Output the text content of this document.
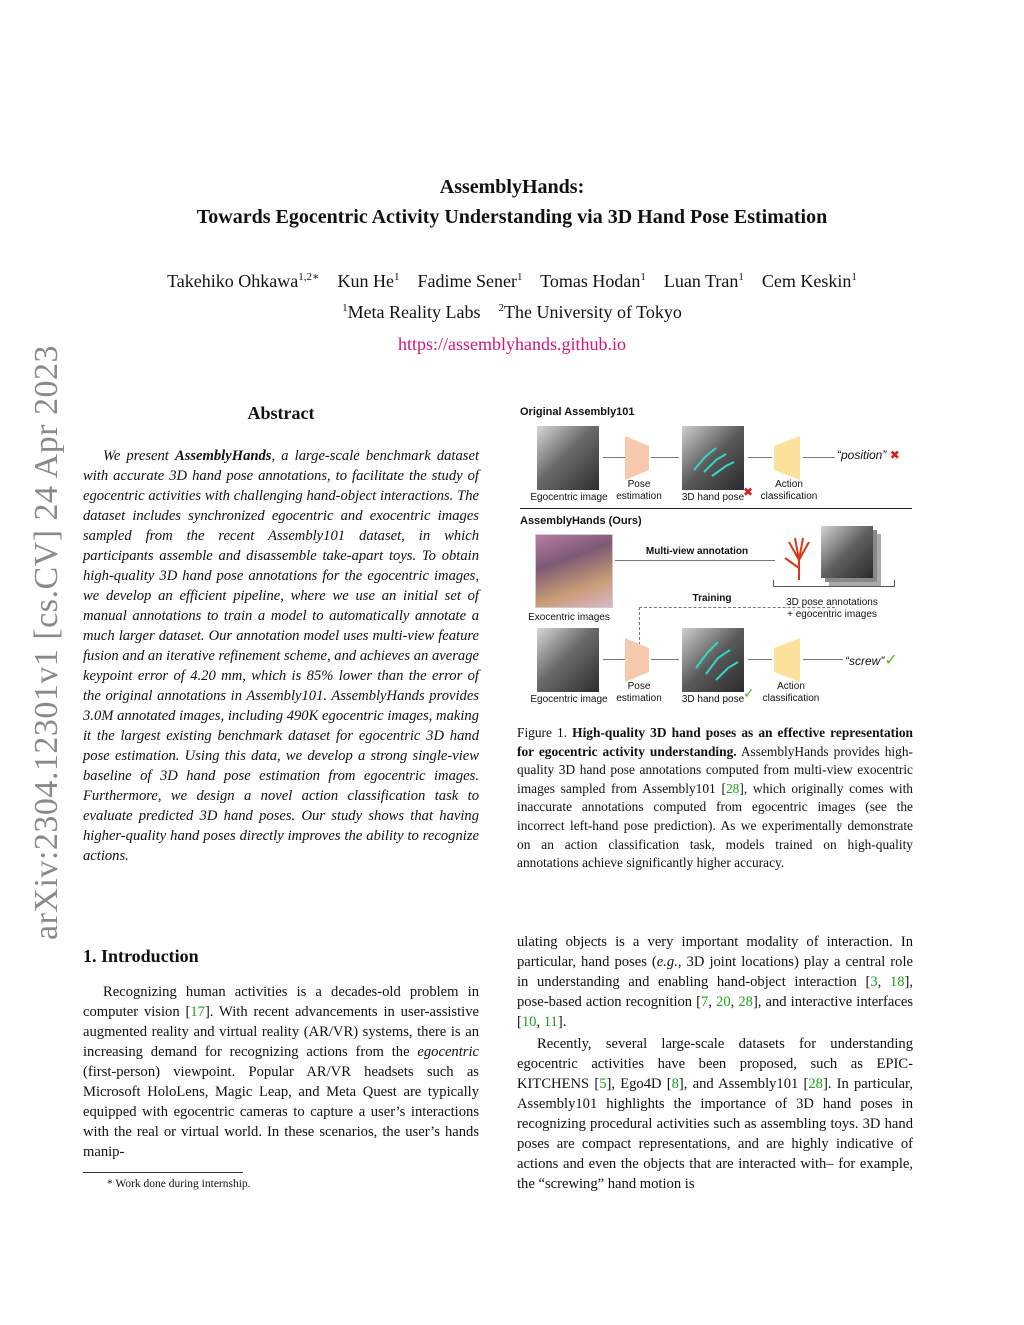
arXiv:2304.12301v1 [cs.CV] 24 Apr 2023
AssemblyHands:
Towards Egocentric Activity Understanding via 3D Hand Pose Estimation
Takehiko Ohkawa$^{1,2∗}$ Kun He$^1$ Fadime Sener$^1$ Tomas Hodan$^1$ Luan Tran$^1$ Cem Keskin$^1$
$^1$Meta Reality Labs $^2$The University of Tokyo
https://assemblyhands.github.io
Abstract
We present AssemblyHands, a large-scale benchmark dataset with accurate 3D hand pose annotations, to facilitate the study of egocentric activities with challenging hand-object interactions. The dataset includes synchronized egocentric and exocentric images sampled from the recent Assembly101 dataset, in which participants assemble and disassemble take-apart toys. To obtain high-quality 3D hand pose annotations for the egocentric images, we develop an efficient pipeline, where we use an initial set of manual annotations to train a model to automatically annotate a much larger dataset. Our annotation model uses multi-view feature fusion and an iterative refinement scheme, and achieves an average keypoint error of 4.20 mm, which is 85% lower than the error of the original annotations in Assembly101. AssemblyHands provides 3.0M annotated images, including 490K egocentric images, making it the largest existing benchmark dataset for egocentric 3D hand pose estimation. Using this data, we develop a strong single-view baseline of 3D hand pose estimation from egocentric images. Furthermore, we design a novel action classification task to evaluate predicted 3D hand poses. Our study shows that having higher-quality hand poses directly improves the ability to recognize actions.
1. Introduction
Recognizing human activities is a decades-old problem in computer vision [17]. With recent advancements in user-assistive augmented reality and virtual reality (AR/VR) systems, there is an increasing demand for recognizing actions from the egocentric (first-person) viewpoint. Popular AR/VR headsets such as Microsoft HoloLens, Magic Leap, and Meta Quest are typically equipped with egocentric cameras to capture a user’s interactions with the real or virtual world. In these scenarios, the user’s hands manip-
* Work done during internship.
ulating objects is a very important modality of interaction. In particular, hand poses (e.g., 3D joint locations) play a central role in understanding and enabling hand-object interaction [3, 18], pose-based action recognition [7, 20, 28], and interactive interfaces [10, 11].
Recently, several large-scale datasets for understanding egocentric activities have been proposed, such as EPIC-KITCHENS [5], Ego4D [8], and Assembly101 [28]. In particular, Assembly101 highlights the importance of 3D hand poses in recognizing procedural activities such as assembling toys. 3D hand poses are compact representations, and are highly indicative of actions and even the objects that are interacted with– for example, the “screwing” hand motion is
Original Assembly101
“position” ✖
Egocentric image
Pose
estimation	3D hand pose
✖
Action
classification
AssemblyHands (Ours)
Multi-view annotation
3D pose annotations
+ egocentric images
Exocentric images
Training
“screw”✓
Egocentric image
Pose
estimation	3D hand pose
✓	Action
classification
Figure 1. High-quality 3D hand poses as an effective representation for egocentric activity understanding. AssemblyHands provides high-quality 3D hand pose annotations computed from multi-view exocentric images sampled from Assembly101 [28], which originally comes with inaccurate annotations computed from egocentric images (see the incorrect left-hand pose prediction). As we experimentally demonstrate on an action classification task, models trained on high-quality annotations achieve significantly higher accuracy.
